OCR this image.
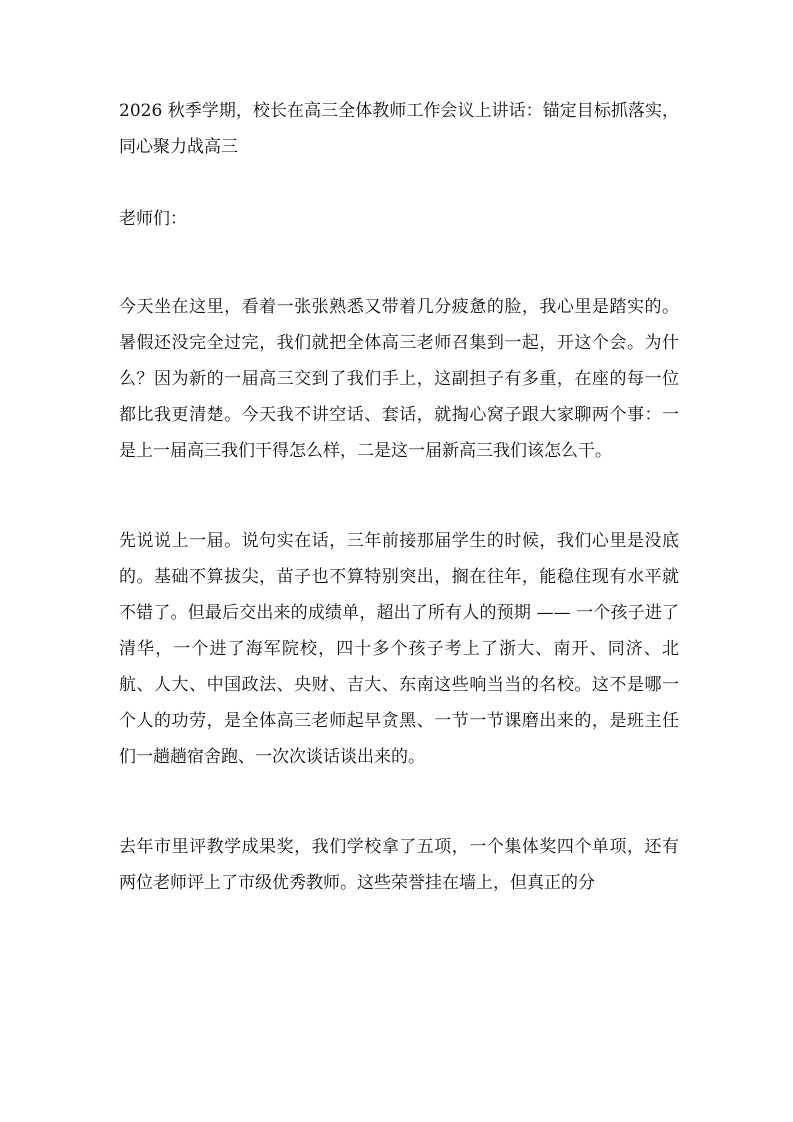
2026 秋季学期，校长在高三全体教师工作会议上讲话：锚定目标抓落实，同心聚力战高三

老师们：

今天坐在这里，看着一张张熟悉又带着几分疲惫的脸，我心里是踏实的。暑假还没完全过完，我们就把全体高三老师召集到一起，开这个会。为什么？因为新的一届高三交到了我们手上，这副担子有多重，在座的每一位都比我更清楚。今天我不讲空话、套话，就掏心窝子跟大家聊两个事：一是上一届高三我们干得怎么样，二是这一届新高三我们该怎么干。

先说说上一届。说句实在话，三年前接那届学生的时候，我们心里是没底的。基础不算拔尖，苗子也不算特别突出，搁在往年，能稳住现有水平就不错了。但最后交出来的成绩单，超出了所有人的预期 —— 一个孩子进了清华，一个进了海军院校，四十多个孩子考上了浙大、南开、同济、北航、人大、中国政法、央财、吉大、东南这些响当当的名校。这不是哪一个人的功劳，是全体高三老师起早贪黑、一节一节课磨出来的，是班主任们一趟趟宿舍跑、一次次谈话谈出来的。

去年市里评教学成果奖，我们学校拿了五项，一个集体奖四个单项，还有两位老师评上了市级优秀教师。这些荣誉挂在墙上，但真正的分
